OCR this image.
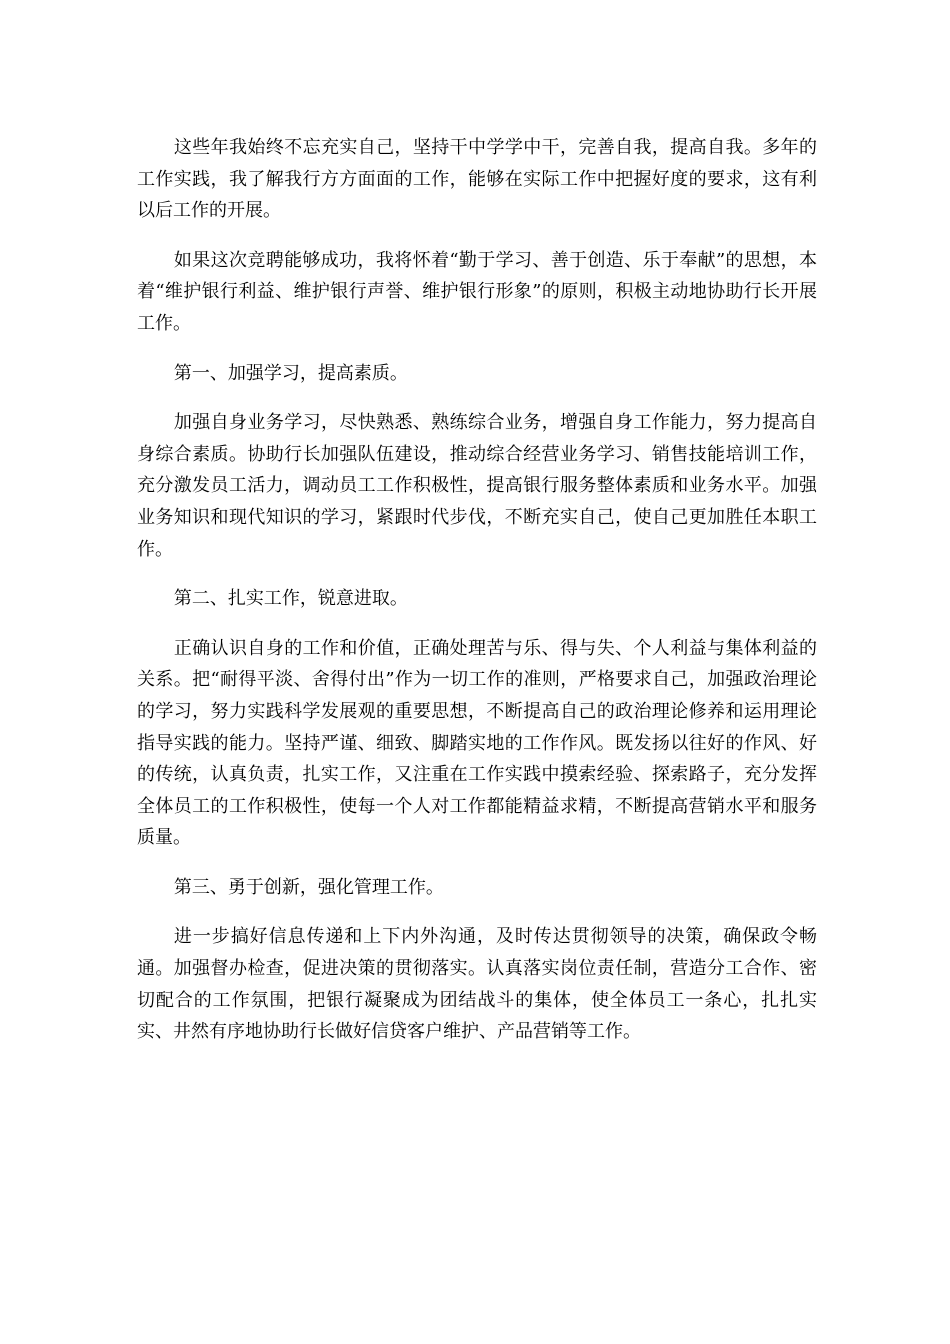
这些年我始终不忘充实自己，坚持干中学学中干，完善自我，提高自我。多年的工作实践，我了解我行方方面面的工作，能够在实际工作中把握好度的要求，这有利以后工作的开展。

如果这次竞聘能够成功，我将怀着“勤于学习、善于创造、乐于奉献”的思想，本着“维护银行利益、维护银行声誉、维护银行形象”的原则，积极主动地协助行长开展工作。

第一、加强学习，提高素质。

加强自身业务学习，尽快熟悉、熟练综合业务，增强自身工作能力，努力提高自身综合素质。协助行长加强队伍建设，推动综合经营业务学习、销售技能培训工作，充分激发员工活力，调动员工工作积极性，提高银行服务整体素质和业务水平。加强业务知识和现代知识的学习，紧跟时代步伐，不断充实自己，使自己更加胜任本职工作。

第二、扎实工作，锐意进取。

正确认识自身的工作和价值，正确处理苦与乐、得与失、个人利益与集体利益的关系。把“耐得平淡、舍得付出”作为一切工作的准则，严格要求自己，加强政治理论的学习，努力实践科学发展观的重要思想，不断提高自己的政治理论修养和运用理论指导实践的能力。坚持严谨、细致、脚踏实地的工作作风。既发扬以往好的作风、好的传统，认真负责，扎实工作，又注重在工作实践中摸索经验、探索路子，充分发挥全体员工的工作积极性，使每一个人对工作都能精益求精，不断提高营销水平和服务质量。

第三、勇于创新，强化管理工作。

进一步搞好信息传递和上下内外沟通，及时传达贯彻领导的决策，确保政令畅通。加强督办检查，促进决策的贯彻落实。认真落实岗位责任制，营造分工合作、密切配合的工作氛围，把银行凝聚成为团结战斗的集体，使全体员工一条心，扎扎实实、井然有序地协助行长做好信贷客户维护、产品营销等工作。
